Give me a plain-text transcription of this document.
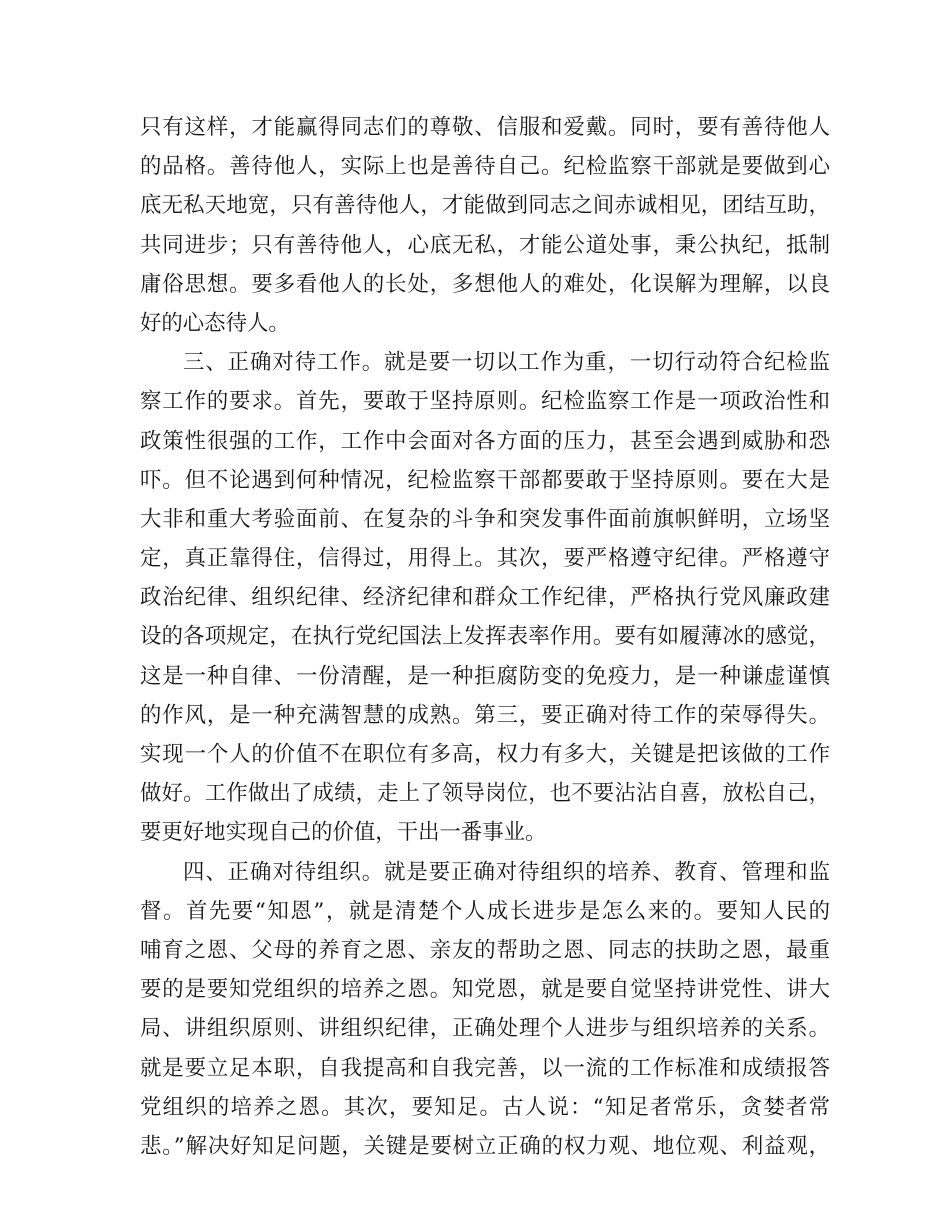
只有这样，才能赢得同志们的尊敬、信服和爱戴。同时，要有善待他人
的品格。善待他人，实际上也是善待自己。纪检监察干部就是要做到心
底无私天地宽，只有善待他人，才能做到同志之间赤诚相见，团结互助，
共同进步；只有善待他人，心底无私，才能公道处事，秉公执纪，抵制
庸俗思想。要多看他人的长处，多想他人的难处，化误解为理解，以良
好的心态待人。
三、正确对待工作。就是要一切以工作为重，一切行动符合纪检监
察工作的要求。首先，要敢于坚持原则。纪检监察工作是一项政治性和
政策性很强的工作，工作中会面对各方面的压力，甚至会遇到威胁和恐
吓。但不论遇到何种情况，纪检监察干部都要敢于坚持原则。要在大是
大非和重大考验面前、在复杂的斗争和突发事件面前旗帜鲜明，立场坚
定，真正靠得住，信得过，用得上。其次，要严格遵守纪律。严格遵守
政治纪律、组织纪律、经济纪律和群众工作纪律，严格执行党风廉政建
设的各项规定，在执行党纪国法上发挥表率作用。要有如履薄冰的感觉，
这是一种自律、一份清醒，是一种拒腐防变的免疫力，是一种谦虚谨慎
的作风，是一种充满智慧的成熟。第三，要正确对待工作的荣辱得失。
实现一个人的价值不在职位有多高，权力有多大，关键是把该做的工作
做好。工作做出了成绩，走上了领导岗位，也不要沾沾自喜，放松自己，
要更好地实现自己的价值，干出一番事业。
四、正确对待组织。就是要正确对待组织的培养、教育、管理和监
督。首先要“知恩”，就是清楚个人成长进步是怎么来的。要知人民的
哺育之恩、父母的养育之恩、亲友的帮助之恩、同志的扶助之恩，最重
要的是要知党组织的培养之恩。知党恩，就是要自觉坚持讲党性、讲大
局、讲组织原则、讲组织纪律，正确处理个人进步与组织培养的关系。
就是要立足本职，自我提高和自我完善，以一流的工作标准和成绩报答
党组织的培养之恩。其次，要知足。古人说：“知足者常乐，贪婪者常
悲。”解决好知足问题，关键是要树立正确的权力观、地位观、利益观，
